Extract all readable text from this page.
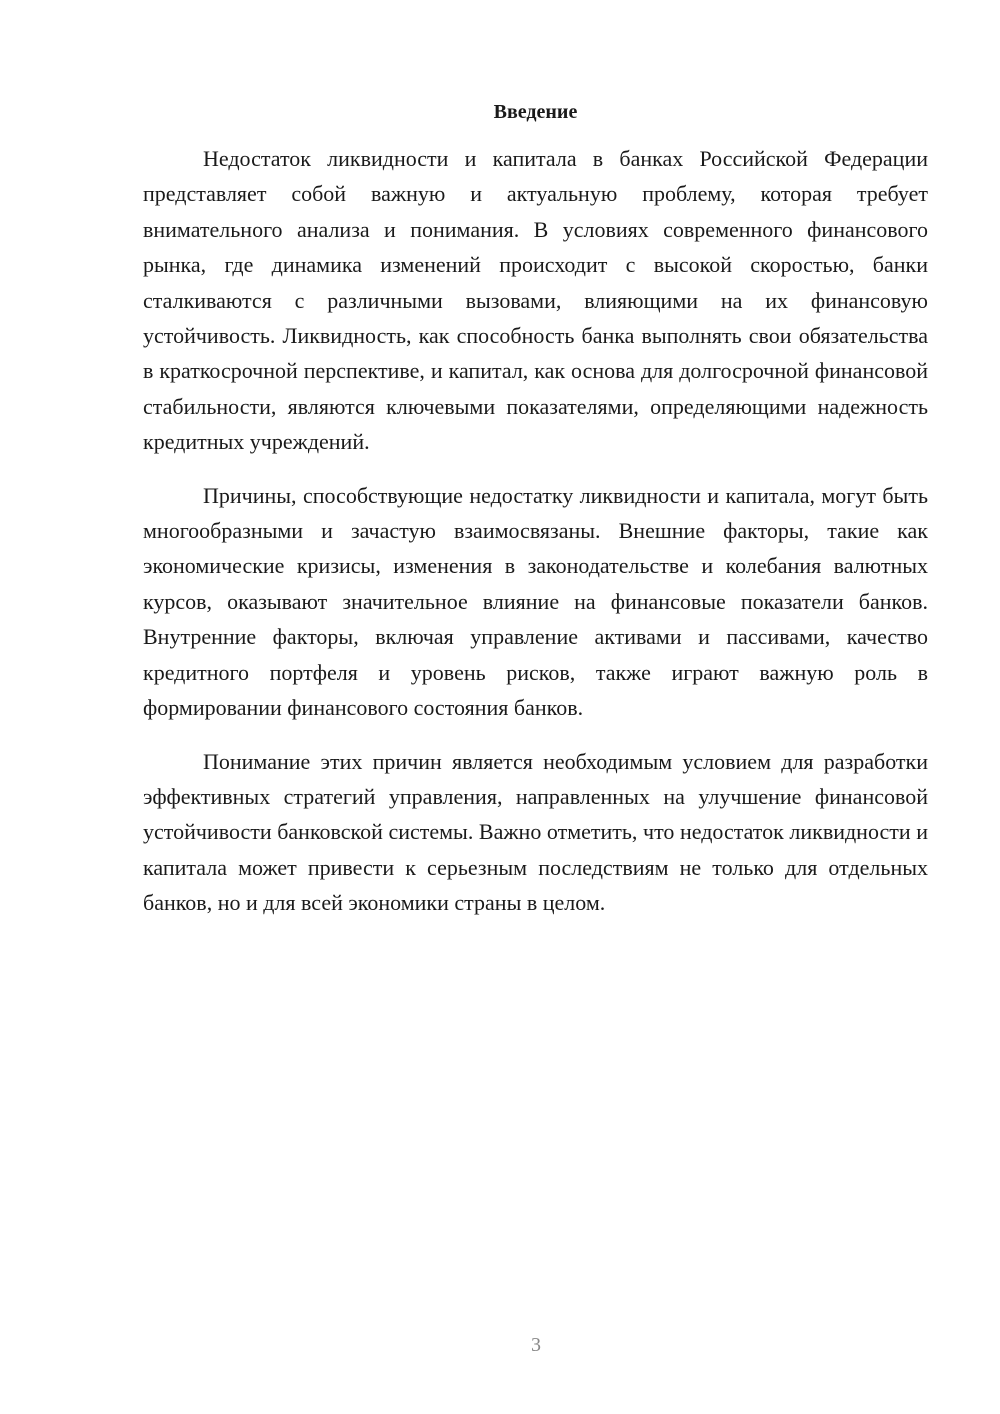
Введение

Недостаток ликвидности и капитала в банках Российской Федерации представляет собой важную и актуальную проблему, которая требует внимательного анализа и понимания. В условиях современного финансового рынка, где динамика изменений происходит с высокой скоростью, банки сталкиваются с различными вызовами, влияющими на их финансовую устойчивость. Ликвидность, как способность банка выполнять свои обязательства в краткосрочной перспективе, и капитал, как основа для долгосрочной финансовой стабильности, являются ключевыми показателями, определяющими надежность кредитных учреждений.

Причины, способствующие недостатку ликвидности и капитала, могут быть многообразными и зачастую взаимосвязаны. Внешние факторы, такие как экономические кризисы, изменения в законодательстве и колебания валютных курсов, оказывают значительное влияние на финансовые показатели банков. Внутренние факторы, включая управление активами и пассивами, качество кредитного портфеля и уровень рисков, также играют важную роль в формировании финансового состояния банков.

Понимание этих причин является необходимым условием для разработки эффективных стратегий управления, направленных на улучшение финансовой устойчивости банковской системы. Важно отметить, что недостаток ликвидности и капитала может привести к серьезным последствиям не только для отдельных банков, но и для всей экономики страны в целом.

3
